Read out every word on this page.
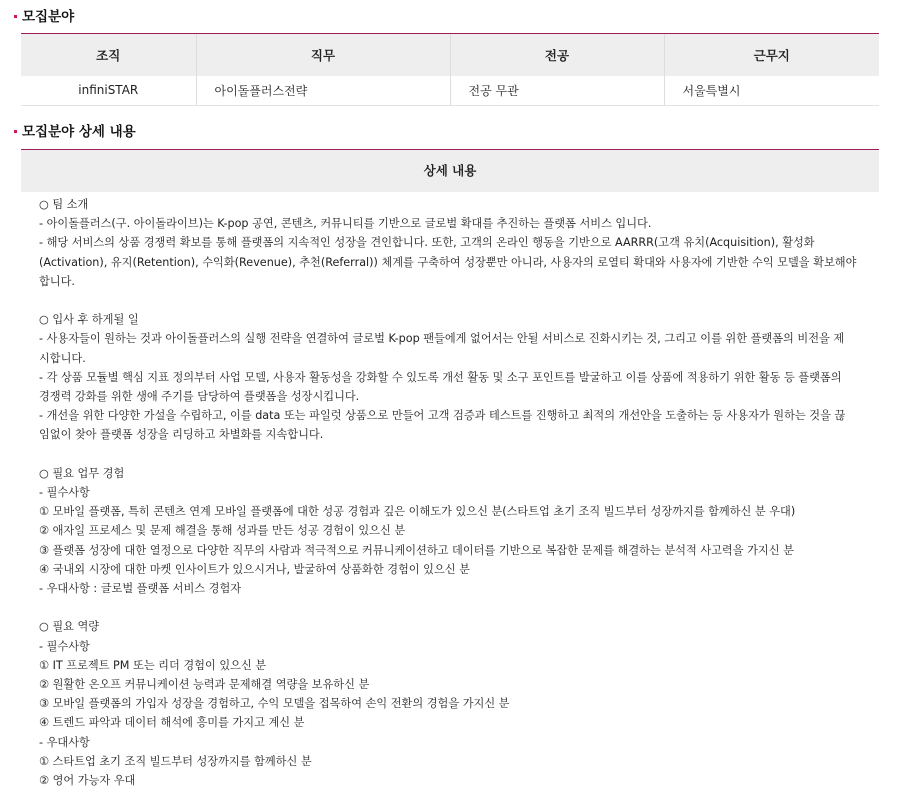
모집분야
조직	직무	전공	근무지
infiniSTAR	아이돌플러스전략	전공 무관	서울특별시
모집분야 상세 내용
상세 내용
○ 팀 소개
- 아이돌플러스(구. 아이돌라이브)는 K-pop 공연, 콘텐츠, 커뮤니티를 기반으로 글로벌 확대를 추진하는 플랫폼 서비스 입니다.
- 해당 서비스의 상품 경쟁력 확보를 통해 플랫폼의 지속적인 성장을 견인합니다. 또한, 고객의 온라인 행동을 기반으로 AARRR(고객 유치(Acquisition), 활성화
(Activation), 유지(Retention), 수익화(Revenue), 추천(Referral)) 체계를 구축하여 성장뿐만 아니라, 사용자의 로열티 확대와 사용자에 기반한 수익 모델을 확보해야
합니다.
○ 입사 후 하게될 일
- 사용자들이 원하는 것과 아이돌플러스의 실행 전략을 연결하여 글로벌 K-pop 팬들에게 없어서는 안될 서비스로 진화시키는 것, 그리고 이를 위한 플랫폼의 비전을 제
시합니다.
- 각 상품 모듈별 핵심 지표 정의부터 사업 모델, 사용자 활동성을 강화할 수 있도록 개선 활동 및 소구 포인트를 발굴하고 이를 상품에 적용하기 위한 활동 등 플랫폼의
경쟁력 강화를 위한 생애 주기를 담당하여 플랫폼을 성장시킵니다.
- 개선을 위한 다양한 가설을 수립하고, 이를 data 또는 파일럿 상품으로 만들어 고객 검증과 테스트를 진행하고 최적의 개선안을 도출하는 등 사용자가 원하는 것을 끊
임없이 찾아 플랫폼 성장을 리딩하고 차별화를 지속합니다.
○ 필요 업무 경험
- 필수사항
① 모바일 플랫폼, 특히 콘텐츠 연계 모바일 플랫폼에 대한 성공 경험과 깊은 이해도가 있으신 분(스타트업 초기 조직 빌드부터 성장까지를 함께하신 분 우대)
② 애자일 프로세스 및 문제 해결을 통해 성과를 만든 성공 경험이 있으신 분
③ 플랫폼 성장에 대한 열정으로 다양한 직무의 사람과 적극적으로 커뮤니케이션하고 데이터를 기반으로 복잡한 문제를 해결하는 분석적 사고력을 가지신 분
④ 국내외 시장에 대한 마켓 인사이트가 있으시거나, 발굴하여 상품화한 경험이 있으신 분
- 우대사항 : 글로벌 플랫폼 서비스 경험자
○ 필요 역량
- 필수사항
① IT 프로젝트 PM 또는 리더 경험이 있으신 분
② 원활한 온오프 커뮤니케이션 능력과 문제해결 역량을 보유하신 분
③ 모바일 플랫폼의 가입자 성장을 경험하고, 수익 모델을 접목하여 손익 전환의 경험을 가지신 분
④ 트렌드 파악과 데이터 해석에 흥미를 가지고 계신 분
- 우대사항
① 스타트업 초기 조직 빌드부터 성장까지를 함께하신 분
② 영어 가능자 우대
